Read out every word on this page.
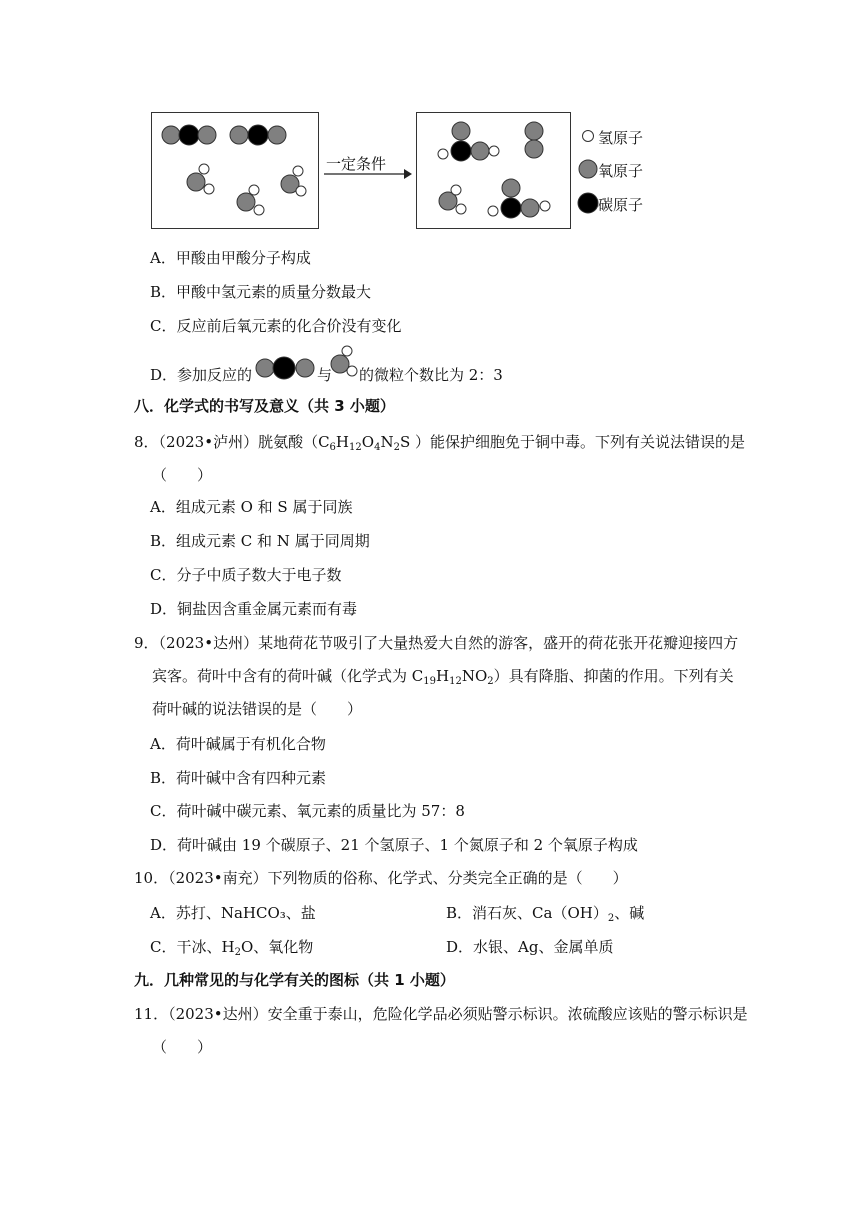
一定条件
氢原子
氧原子
碳原子
A．甲酸由甲酸分子构成
B．甲酸中氢元素的质量分数最大
C．反应前后氧元素的化合价没有变化
D．参加反应的	与 的微粒个数比为 2：3
八．化学式的书写及意义（共 3 小题）
8．（2023•泸州）胱氨酸（$C_6H_{12}O_4N_2S$ ）能保护细胞免于铜中毒。下列有关说法错误的是
（　　）
A．组成元素 O 和 S 属于同族
B．组成元素 C 和 N 属于同周期
C．分子中质子数大于电子数
D．铜盐因含重金属元素而有毒
9．（2023•达州）某地荷花节吸引了大量热爱大自然的游客，盛开的荷花张开花瓣迎接四方
宾客。荷叶中含有的荷叶碱（化学式为 $C_{19}H_{12}NO_2$）具有降脂、抑菌的作用。下列有关
荷叶碱的说法错误的是（　　）
A．荷叶碱属于有机化合物
B．荷叶碱中含有四种元素
C．荷叶碱中碳元素、氧元素的质量比为 57：8
D．荷叶碱由 19 个碳原子、21 个氢原子、1 个氮原子和 2 个氧原子构成
10．（2023•南充）下列物质的俗称、化学式、分类完全正确的是（　　）
A．苏打、NaHCO₃、盐	B．消石灰、$Ca(OH)_2$、碱
C．干冰、$H_2O$、氧化物	D．水银、Ag、金属单质
九．几种常见的与化学有关的图标（共 1 小题）
11．（2023•达州）安全重于泰山，危险化学品必须贴警示标识。浓硫酸应该贴的警示标识是
（　　）
